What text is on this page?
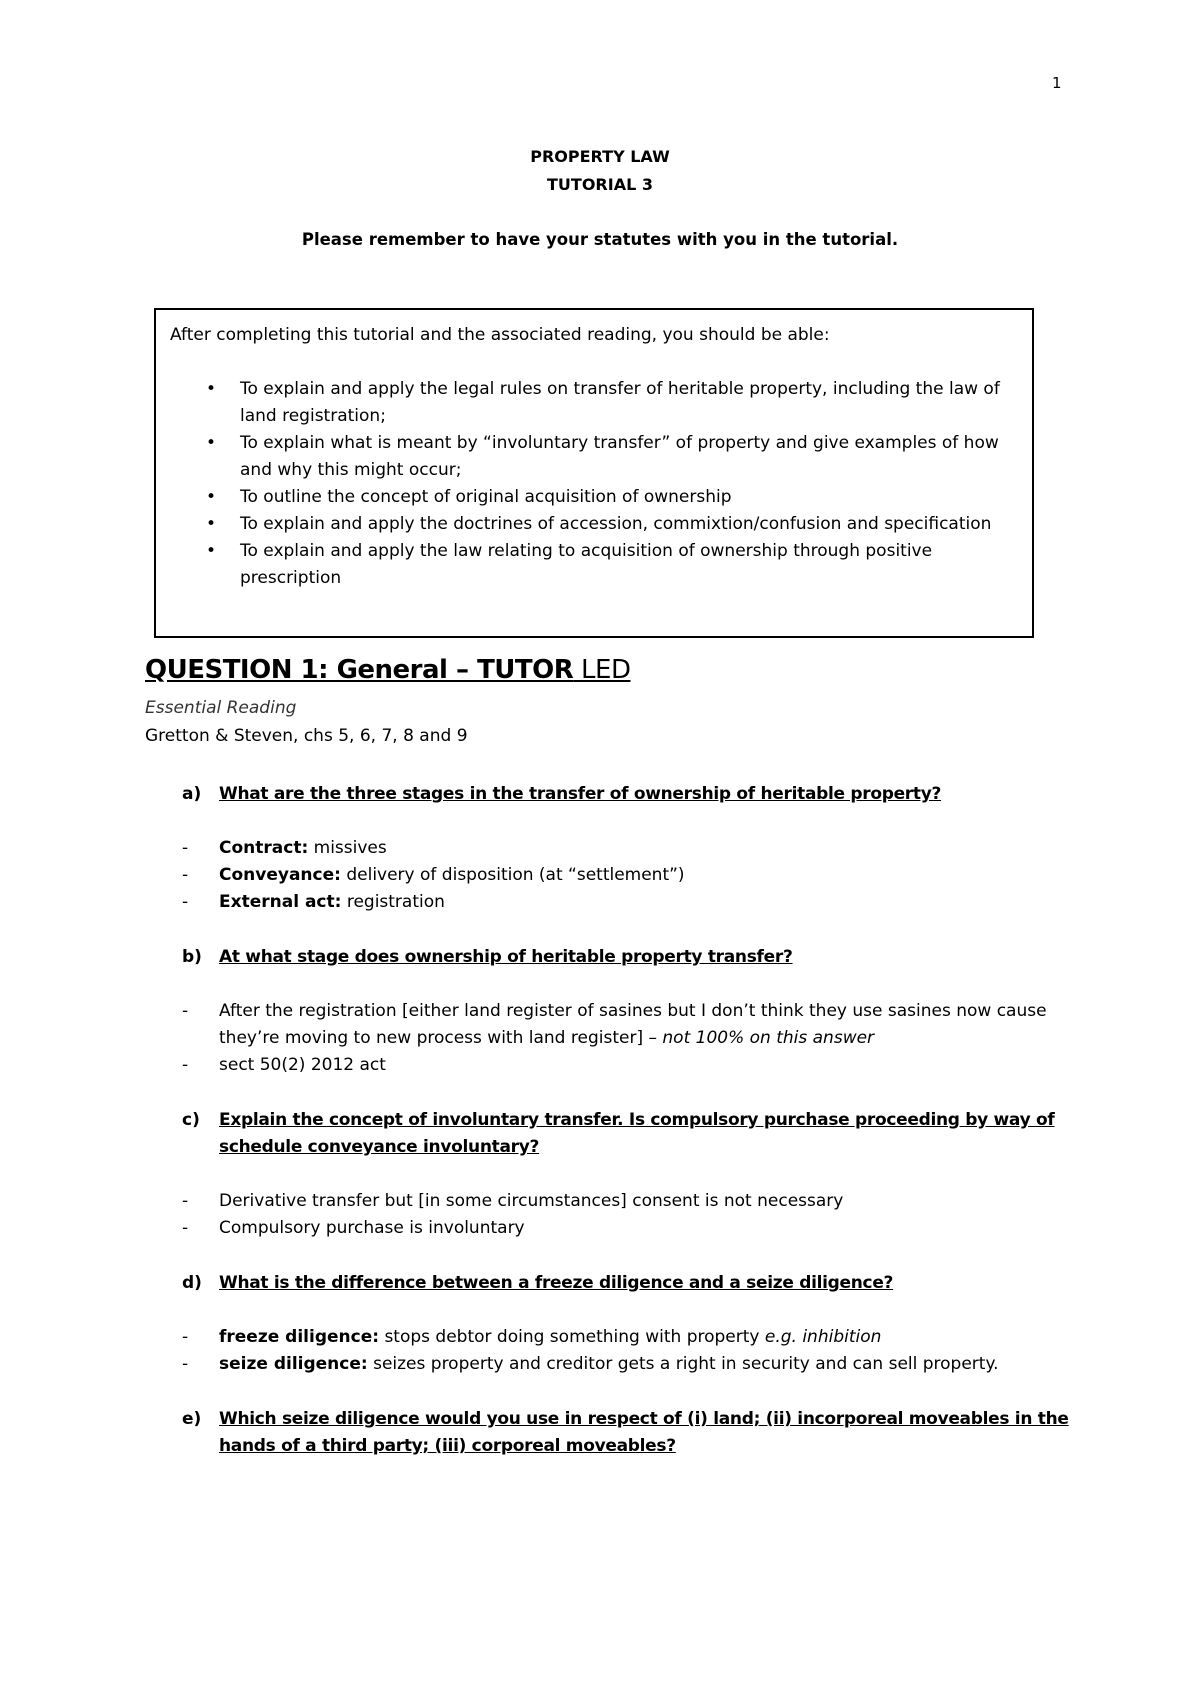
1
PROPERTY LAW
TUTORIAL 3
Please remember to have your statutes with you in the tutorial.

After completing this tutorial and the associated reading, you should be able:

• To explain and apply the legal rules on transfer of heritable property, including the law of land registration;
• To explain what is meant by “involuntary transfer” of property and give examples of how and why this might occur;
• To outline the concept of original acquisition of ownership
• To explain and apply the doctrines of accession, commixtion/confusion and specification
• To explain and apply the law relating to acquisition of ownership through positive prescription
QUESTION 1: General – TUTOR LED
Essential Reading
Gretton & Steven, chs 5, 6, 7, 8 and 9
a) What are the three stages in the transfer of ownership of heritable property?
- Contract: missives
- Conveyance: delivery of disposition (at “settlement”)
- External act: registration
b) At what stage does ownership of heritable property transfer?
- After the registration [either land register of sasines but I don’t think they use sasines now cause they’re moving to new process with land register] – not 100% on this answer
- sect 50(2) 2012 act
c) Explain the concept of involuntary transfer. Is compulsory purchase proceeding by way of schedule conveyance involuntary?
- Derivative transfer but [in some circumstances] consent is not necessary
- Compulsory purchase is involuntary
d) What is the difference between a freeze diligence and a seize diligence?
- freeze diligence: stops debtor doing something with property e.g. inhibition
- seize diligence: seizes property and creditor gets a right in security and can sell property.
e) Which seize diligence would you use in respect of (i) land; (ii) incorporeal moveables in the hands of a third party; (iii) corporeal moveables?
